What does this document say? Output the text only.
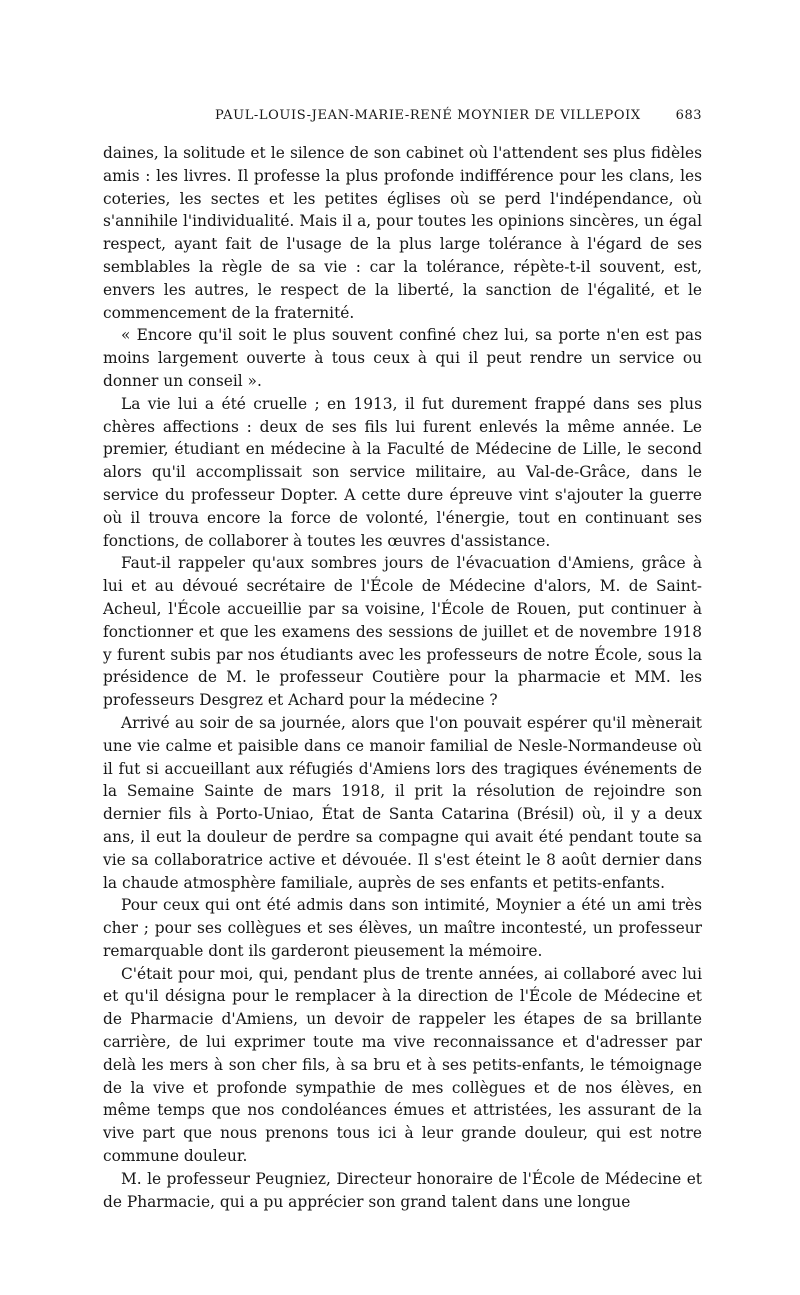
PAUL-LOUIS-JEAN-MARIE-RENÉ MOYNIER DE VILLEPOIX	683

daines, la solitude et le silence de son cabinet où l'attendent ses plus fidèles amis : les livres. Il professe la plus profonde indifférence pour les clans, les coteries, les sectes et les petites églises où se perd l'indépendance, où s'annihile l'individualité. Mais il a, pour toutes les opinions sincères, un égal respect, ayant fait de l'usage de la plus large tolérance à l'égard de ses semblables la règle de sa vie : car la tolérance, répète-t-il souvent, est, envers les autres, le respect de la liberté, la sanction de l'égalité, et le commencement de la fraternité.

« Encore qu'il soit le plus souvent confiné chez lui, sa porte n'en est pas moins largement ouverte à tous ceux à qui il peut rendre un service ou donner un conseil ».

La vie lui a été cruelle ; en 1913, il fut durement frappé dans ses plus chères affections : deux de ses fils lui furent enlevés la même année. Le premier, étudiant en médecine à la Faculté de Médecine de Lille, le second alors qu'il accomplissait son service militaire, au Val-de-Grâce, dans le service du professeur Dopter. A cette dure épreuve vint s'ajouter la guerre où il trouva encore la force de volonté, l'énergie, tout en continuant ses fonctions, de collaborer à toutes les œuvres d'assistance.

Faut-il rappeler qu'aux sombres jours de l'évacuation d'Amiens, grâce à lui et au dévoué secrétaire de l'École de Médecine d'alors, M. de Saint-Acheul, l'École accueillie par sa voisine, l'École de Rouen, put continuer à fonctionner et que les examens des sessions de juillet et de novembre 1918 y furent subis par nos étudiants avec les professeurs de notre École, sous la présidence de M. le professeur Coutière pour la pharmacie et MM. les professeurs Desgrez et Achard pour la médecine ?

Arrivé au soir de sa journée, alors que l'on pouvait espérer qu'il mènerait une vie calme et paisible dans ce manoir familial de Nesle-Normandeuse où il fut si accueillant aux réfugiés d'Amiens lors des tragiques événements de la Semaine Sainte de mars 1918, il prit la résolution de rejoindre son dernier fils à Porto-Uniao, État de Santa Catarina (Brésil) où, il y a deux ans, il eut la douleur de perdre sa compagne qui avait été pendant toute sa vie sa collaboratrice active et dévouée. Il s'est éteint le 8 août dernier dans la chaude atmosphère familiale, auprès de ses enfants et petits-enfants.

Pour ceux qui ont été admis dans son intimité, Moynier a été un ami très cher ; pour ses collègues et ses élèves, un maître incontesté, un professeur remarquable dont ils garderont pieusement la mémoire.

C'était pour moi, qui, pendant plus de trente années, ai collaboré avec lui et qu'il désigna pour le remplacer à la direction de l'École de Médecine et de Pharmacie d'Amiens, un devoir de rappeler les étapes de sa brillante carrière, de lui exprimer toute ma vive reconnaissance et d'adresser par delà les mers à son cher fils, à sa bru et à ses petits-enfants, le témoignage de la vive et profonde sympathie de mes collègues et de nos élèves, en même temps que nos condoléances émues et attristées, les assurant de la vive part que nous prenons tous ici à leur grande douleur, qui est notre commune douleur.

M. le professeur Peugniez, Directeur honoraire de l'École de Médecine et de Pharmacie, qui a pu apprécier son grand talent dans une longue
